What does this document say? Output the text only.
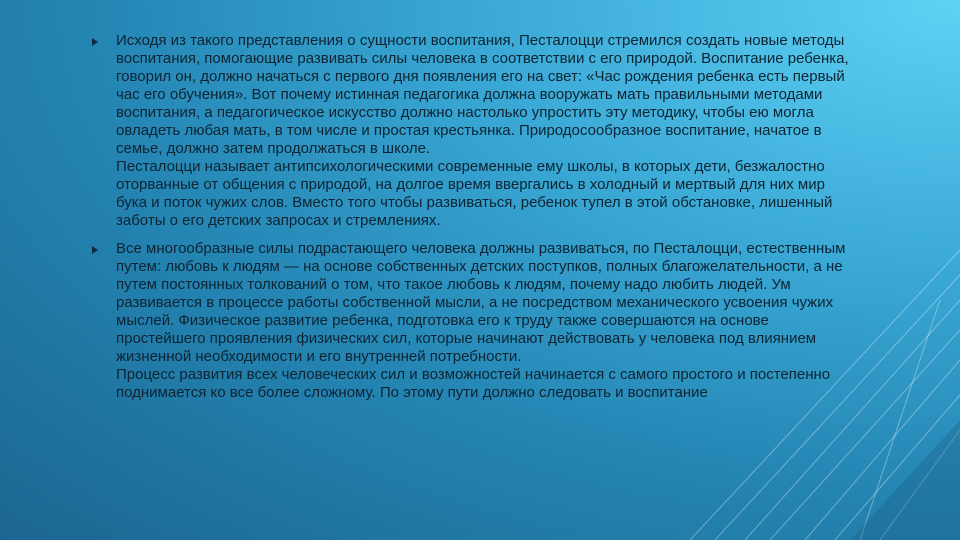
Исходя из такого представления о сущности воспитания, Песталоцци стремился создать новые методы воспитания, помогающие развивать силы человека в соответствии с его природой. Воспитание ребенка, говорил он, должно начаться с первого дня появления его на свет: «Час рождения ребенка есть первый час его обучения». Вот почему истинная педагогика должна вооружать мать правильными методами воспитания, а педагогическое искусство должно настолько упростить эту методику, чтобы ею могла овладеть любая мать, в том числе и простая крестьянка. Природосообразное воспитание, начатое в семье, должно затем продолжаться в школе.

Песталоцци называет антипсихологическими современные ему школы, в которых дети, безжалостно оторванные от общения с природой, на долгое время ввергались в холодный и мертвый для них мир бука и поток чужих слов. Вместо того чтобы развиваться, ребенок тупел в этой обстановке, лишенный заботы о его детских запросах и стремлениях.

Все многообразные силы подрастающего человека должны развиваться, по Песталоцци, естественным путем: любовь к людям — на основе собственных детских поступков, полных благожелательности, а не путем постоянных толкований о том, что такое любовь к людям, почему надо любить людей. Ум развивается в процессе работы собственной мысли, а не посредством механического усвоения чужих мыслей. Физическое развитие ребенка, подготовка его к труду также совершаются на основе простейшего проявления физических сил, которые начинают действовать у человека под влиянием жизненной необходимости и его внутренней потребности.

Процесс развития всех человеческих сил и возможностей начинается с самого простого и постепенно поднимается ко все более сложному. По этому пути должно следовать и воспитание
